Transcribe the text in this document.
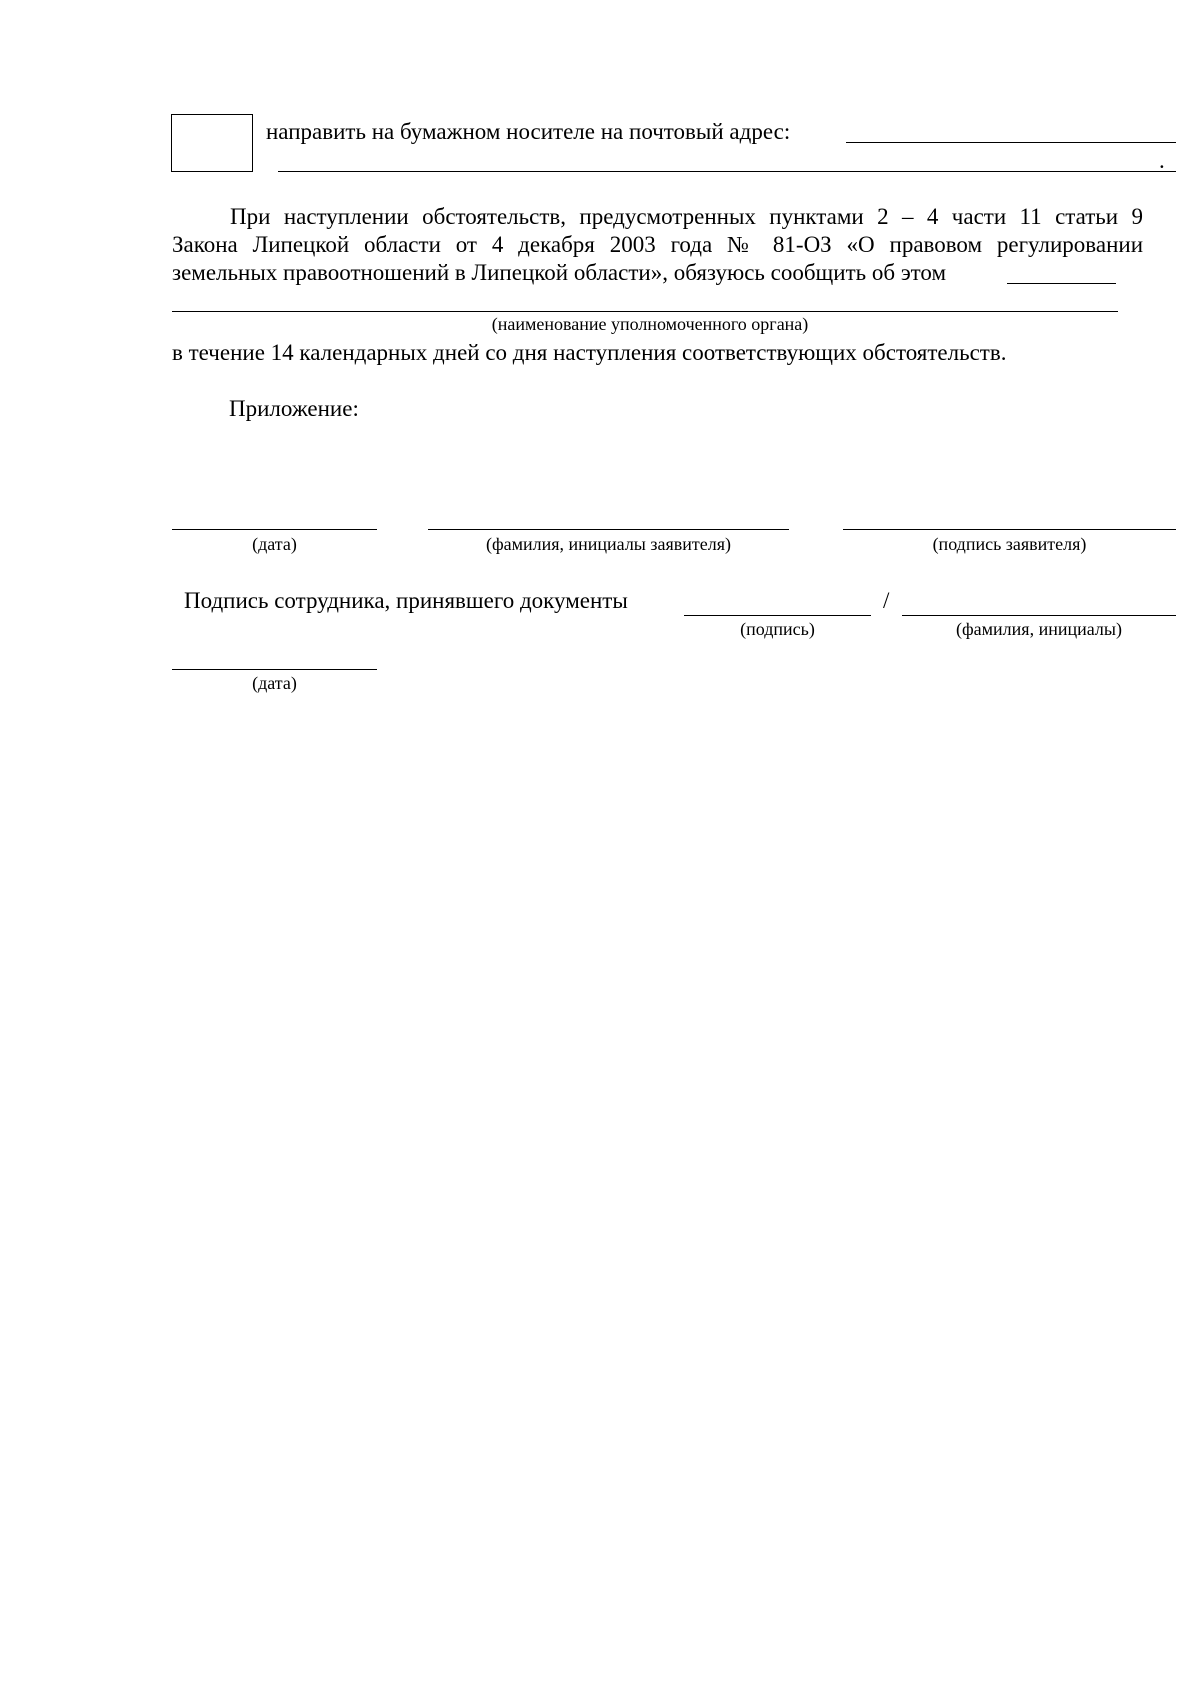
направить на бумажном носителе на почтовый адрес:
.
При наступлении обстоятельств, предусмотренных пунктами 2 – 4 части 11 статьи 9
Закона Липецкой области от 4 декабря 2003 года № 81-ОЗ «О правовом регулировании
земельных правоотношений в Липецкой области», обязуюсь сообщить об этом
(наименование уполномоченного органа)
в течение 14 календарных дней со дня наступления соответствующих обстоятельств.
Приложение:
(дата)	(фамилия, инициалы заявителя)	(подпись заявителя)
Подпись сотрудника, принявшего документы
(подпись)
/
(фамилия, инициалы)
(дата)
